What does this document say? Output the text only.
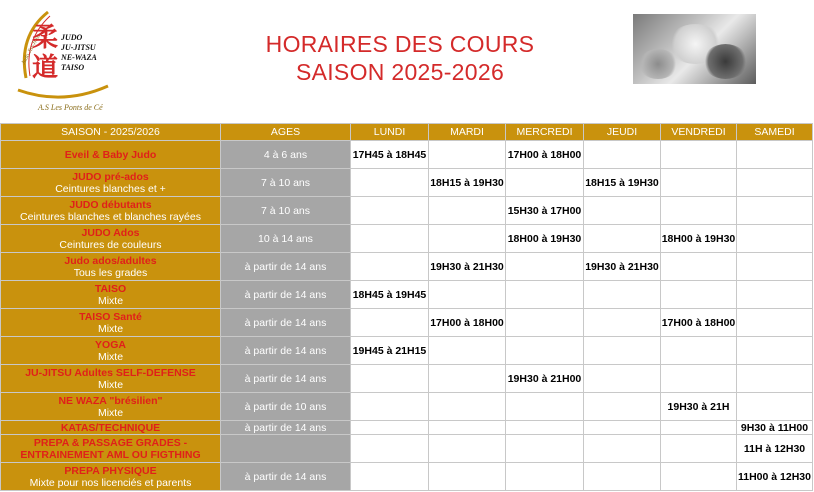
Judo Jiu-Jitsu
柔
道
JUDO
JU-JITSU
NE-WAZA
TAISO
A.S Les Ponts de Cé
HORAIRES DES COURS
SAISON 2025-2026
SAISON - 2025/2026	AGES	LUNDI	MARDI	MERCREDI	JEUDI	VENDREDI	SAMEDI

Eveil & Baby Judo	4 à 6 ans	17H45 à 18H45		17H00 à 18H00			

JUDO pré-ados
Ceintures blanches et +	7 à 10 ans		18H15 à 19H30		18H15 à 19H30		

JUDO débutants
Ceintures blanches et blanches rayées	7 à 10 ans			15H30 à 17H00			

JUDO Ados
Ceintures de couleurs	10 à 14 ans			18H00 à 19H30		18H00 à 19H30	

Judo ados/adultes
Tous les grades	à partir de 14 ans		19H30 à 21H30		19H30 à 21H30		

TAISO
Mixte	à partir de 14 ans	18H45 à 19H45					

TAISO Santé
Mixte	à partir de 14 ans		17H00 à 18H00			17H00 à 18H00	

YOGA
Mixte	à partir de 14 ans	19H45 à 21H15					

JU-JITSU Adultes SELF-DEFENSE
Mixte	à partir de 14 ans			19H30 à 21H00			

NE WAZA "brésilien"
Mixte	à partir de 10 ans					19H30 à 21H	

KATAS/TECHNIQUE	à partir de 14 ans						9H30 à 11H00

PREPA & PASSAGE GRADES - ENTRAINEMENT AML OU FIGTHING							11H à 12H30

PREPA PHYSIQUE
Mixte pour nos licenciés et parents	à partir de 14 ans						11H00 à 12H30
